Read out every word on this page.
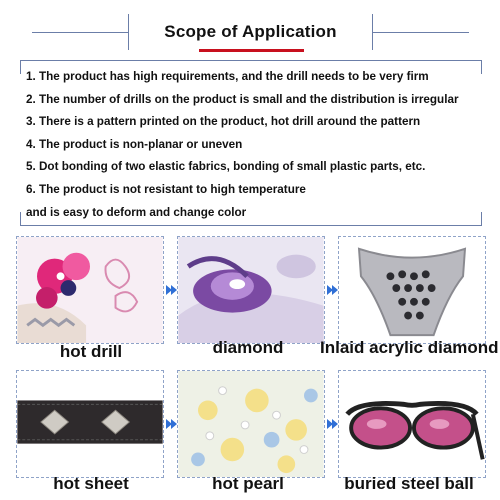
Scope of Application
1. The product has high requirements, and the drill needs to be very firm
2. The number of drills on the product is small and the distribution is irregular
3. There is a pattern printed on the product, hot drill around the pattern
4. The product is non-planar or uneven
5. Dot bonding of two elastic fabrics, bonding of small plastic parts, etc.
6. The product is not resistant to high temperature
and is easy to deform and change color
hot drill	diamond	Inlaid acrylic diamond
hot sheet	hot pearl	buried steel ball
